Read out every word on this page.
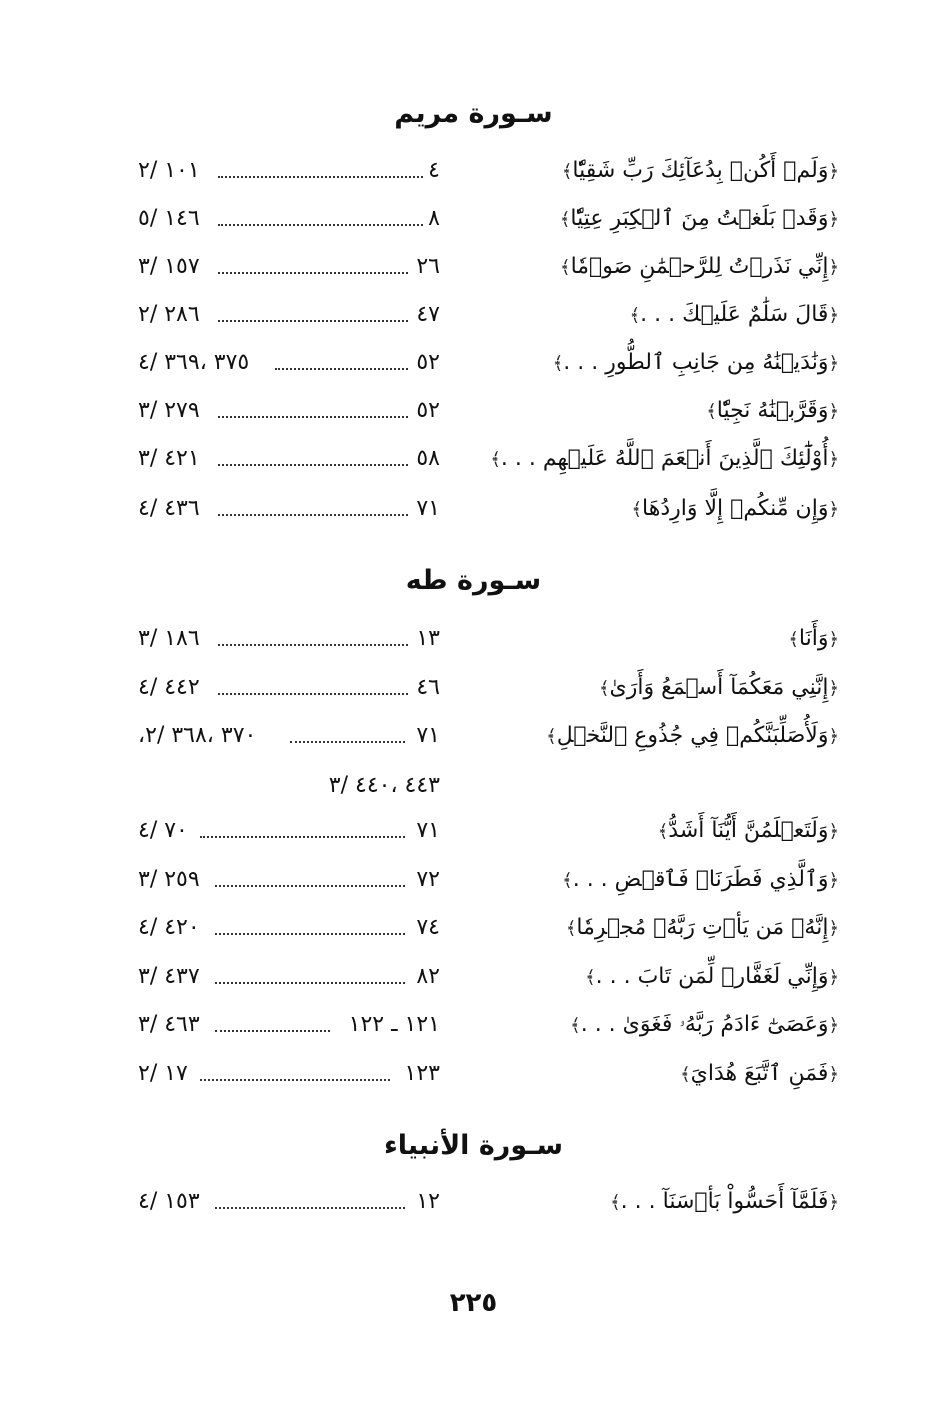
سـورة مريم
﴿وَلَمۡ أَكُنۢ بِدُعَآئِكَ رَبِّ شَقِيّٗا﴾
٤
١٠١ /٢
﴿وَقَدۡ بَلَغۡتُ مِنَ ٱلۡكِبَرِ عِتِيّٗا﴾
٨
١٤٦ /٥
﴿إِنِّي نَذَرۡتُ لِلرَّحۡمَٰنِ صَوۡمٗا﴾
٢٦
١٥٧ /٣
﴿قَالَ سَلَٰمٌ عَلَيۡكَ . . .﴾
٤٧
٢٨٦ /٢
﴿وَنَٰدَيۡنَٰهُ مِن جَانِبِ ٱلطُّورِ . . .﴾
٥٢
٣٧٥ ،٣٦٩ /٤
﴿وَقَرَّبۡنَٰهُ نَجِيّٗا﴾
٥٢
٢٧٩ /٣
﴿أُوْلَٰٓئِكَ ٱلَّذِينَ أَنۡعَمَ ٱللَّهُ عَلَيۡهِم . . .﴾
٥٨
٤٢١ /٣
﴿وَإِن مِّنكُمۡ إِلَّا وَارِدُهَا﴾
٧١
٤٣٦ /٤
سـورة طه
﴿وَأَنَا﴾
١٣
١٨٦ /٣
﴿إِنَّنِي مَعَكُمَآ أَسۡمَعُ وَأَرَىٰ﴾
٤٦
٤٤٢ /٤
﴿وَلَأُصَلِّبَنَّكُمۡ فِي جُذُوعِ ٱلنَّخۡلِ﴾
٧١
٣٧٠ ،٣٦٨ /٢،
٤٤٣ ،٤٤٠ /٣
﴿وَلَتَعۡلَمُنَّ أَيُّنَآ أَشَدُّ﴾
٧١
٧٠ /٤
﴿وَٱلَّذِي فَطَرَنَاۖ فَٱقۡضِ . . .﴾
٧٢
٢٥٩ /٣
﴿إِنَّهُۥ مَن يَأۡتِ رَبَّهُۥ مُجۡرِمٗا﴾
٧٤
٤٢٠ /٤
﴿وَإِنِّي لَغَفَّارٞ لِّمَن تَابَ . . .﴾
٨٢
٤٣٧ /٣
﴿وَعَصَىٰٓ ءَادَمُ رَبَّهُۥ فَغَوَىٰ . . .﴾
١٢١ ـ ١٢٢
٤٦٣ /٣
﴿فَمَنِ ٱتَّبَعَ هُدَايَ﴾
١٢٣
١٧ /٢
سـورة الأنبياء
﴿فَلَمَّآ أَحَسُّواْ بَأۡسَنَآ . . .﴾
١٢
١٥٣ /٤
٢٢٥
